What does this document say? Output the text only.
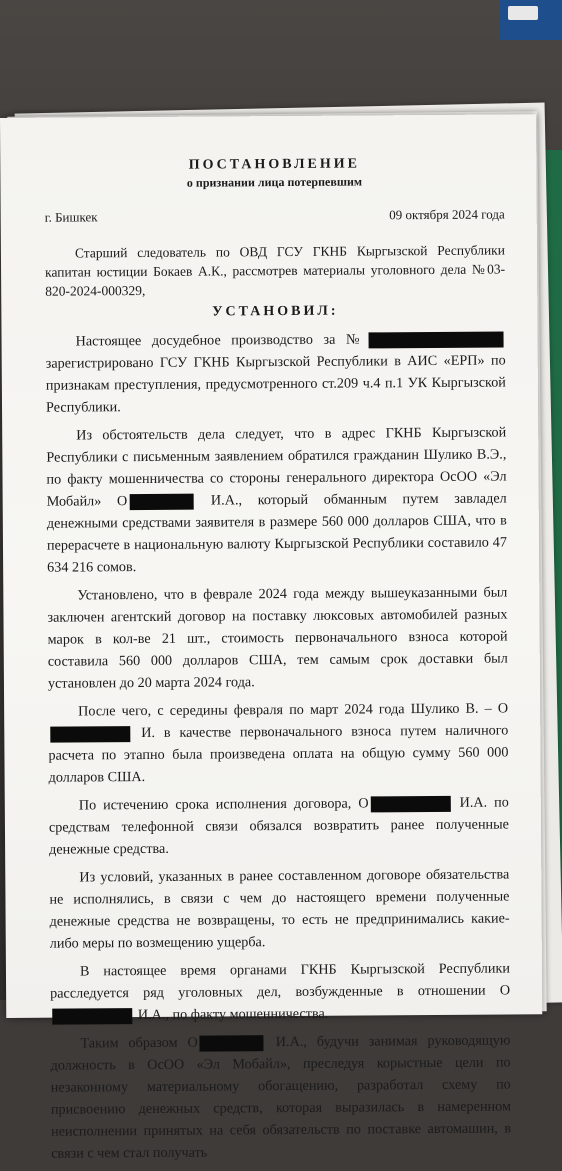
ПОСТАНОВЛЕНИЕ
о признании лица потерпевшим
г. Бишкек	09 октября 2024 года

Старший следователь по ОВД ГСУ ГКНБ Кыргызской Республики капитан юстиции Бокаев А.К., рассмотрев материалы уголовного дела №03-820-2024-000329,

УСТАНОВИЛ:

Настоящее досудебное производство за № зарегистрировано ГСУ ГКНБ Кыргызской Республики в АИС «ЕРП» по признакам преступления, предусмотренного ст.209 ч.4 п.1 УК Кыргызской Республики.

Из обстоятельств дела следует, что в адрес ГКНБ Кыргызской Республики с письменным заявлением обратился гражданин Шулико В.Э., по факту мошенничества со стороны генерального директора ОсОО «Эл Мобайл» О	И.А., который обманным путем завладел денежными средствами заявителя в размере 560 000 долларов США, что в перерасчете в национальную валюту Кыргызской Республики составило 47 634 216 сомов.

Установлено, что в феврале 2024 года между вышеуказанными был заключен агентский договор на поставку люксовых автомобилей разных марок в кол-ве 21 шт., стоимость первоначального взноса которой составила 560 000 долларов США, тем самым срок доставки был установлен до 20 марта 2024 года.

После чего, с середины февраля по март 2024 года Шулико В. – О И. в качестве первоначального взноса путем наличного расчета по этапно была произведена оплата на общую сумму 560 000 долларов США.

По истечению срока исполнения договора, О	И.А. по средствам телефонной связи обязался возвратить ранее полученные денежные средства.

Из условий, указанных в ранее составленном договоре обязательства не исполнялись, в связи с чем до настоящего времени полученные денежные средства не возвращены, то есть не предпринимались какие-либо меры по возмещению ущерба.

В настоящее время органами ГКНБ Кыргызской Республики расследуется ряд уголовных дел, возбужденные в отношении О И.А., по факту мошенничества.

Таким образом О	И.А., будучи занимая руководящую должность в ОсОО «Эл Мобайл», преследуя корыстные цели по незаконному материальному обогащению, разработал схему по присвоению денежных средств, которая выразилась в намеренном неисполнении принятых на себя обязательств по поставке автомашин, в связи с чем стал получать
